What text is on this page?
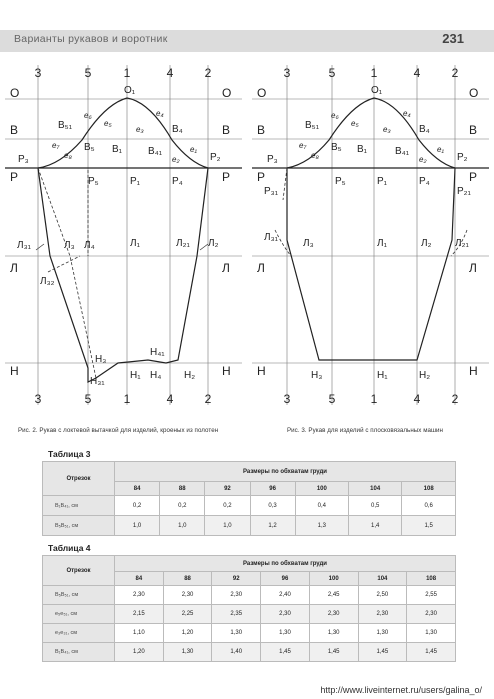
Варианты рукавов и воротник	231
3	5	1	4	2
3	5	1	4	2
О	О
В	В
Р	Р
Л	Л
Н	Н
O₁
B₅₁
B₅ B₁
B₄
B₄₁
P₃	P₂
P₅	P₁	P₄
Л₃₁	Л₃ Л₄	Л₁	Л₂₁ Л₂
Л₃₂
H₃
H₄₁
H₃₁
H₁ H₄ H₂
e₆
e₅
e₃
e₄
e₇
e₈
e₁
e₂
3	5	1	4	2
3	5	1	4	2
О	О
В	В
Р	Р
Л	Л
Н	Н
O₁
B₅₁
B₅ B₁
B₄
B₄₁
P₃	P₂
P₃₁
P₅	P₁	P₄
P₂₁
Л₃₁
Л₃	Л₁	Л₂ Л₂₁
H₃	H₁	H₂
e₆
e₅
e₃
e₄
e₇
e₈
e₁
e₂
Рис. 2. Рукав с локтевой вытачкой для изделий, кроеных из полотен	Рис. 3. Рукав для изделий с плосковязальных машин
Таблица 3
Отрезок	Размеры по обхватам груди						
	84	88	92	96	100	104	108
B₁B₄₁, см	0,2	0,2	0,2	0,3	0,4	0,5	0,6
B₅B₅₁, см	1,0	1,0	1,0	1,2	1,3	1,4	1,5
Таблица 4
Отрезок	Размеры по обхватам груди						
	84	88	92	96	100	104	108
B₅B₅₁, см	2,30	2,30	2,30	2,40	2,45	2,50	2,55
e₅e₅₁, см	2,15	2,25	2,35	2,30	2,30	2,30	2,30
e₃e₃₁, см	1,10	1,20	1,30	1,30	1,30	1,30	1,30
B₁B₄₁, см	1,20	1,30	1,40	1,45	1,45	1,45	1,45
http://www.liveinternet.ru/users/galina_o/
